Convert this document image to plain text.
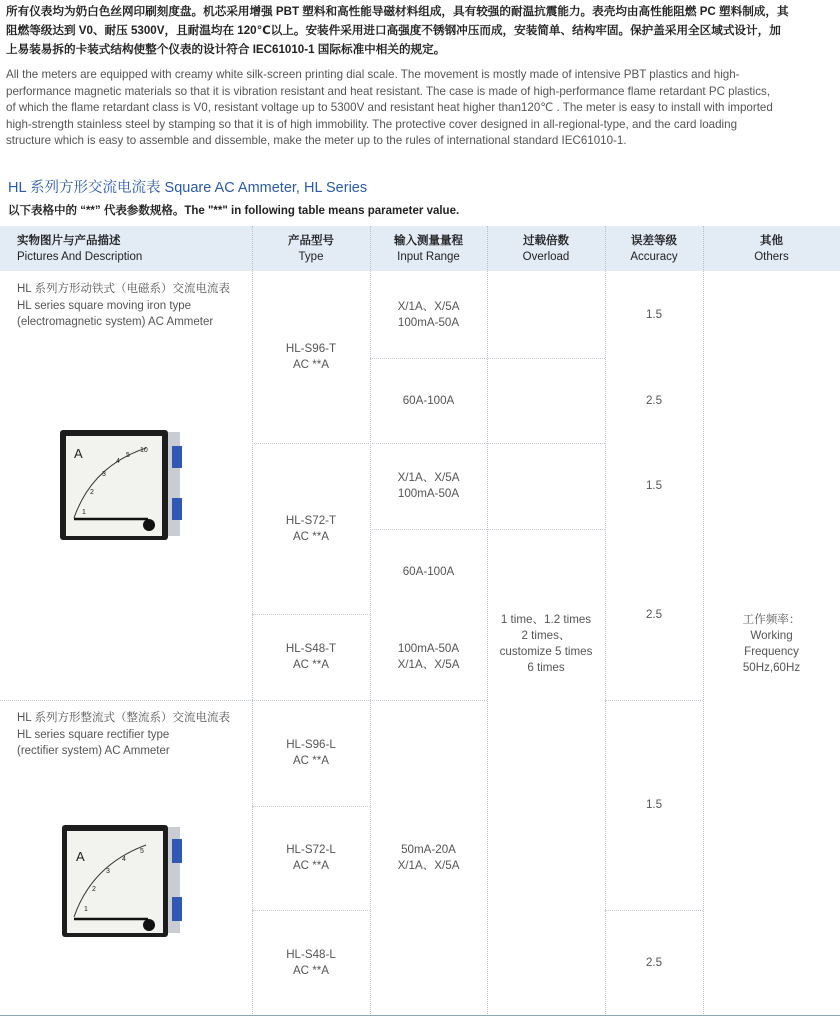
所有仪表均为奶白色丝网印刷刻度盘。机芯采用增强 PBT 塑料和高性能导磁材料组成，具有较强的耐温抗震能力。表壳均由高性能阻燃 PC 塑料制成，其
阻燃等级达到 V0、耐压 5300V，且耐温均在 120℃以上。安装件采用进口高强度不锈钢冲压而成，安装简单、结构牢固。保护盖采用全区域式设计，加
上易装易拆的卡装式结构使整个仪表的设计符合 IEC61010-1 国际标准中相关的规定。
All the meters are equipped with creamy white silk-screen printing dial scale. The movement is mostly made of intensive PBT plastics and high-
performance magnetic materials so that it is vibration resistant and heat resistant. The case is made of high-performance flame retardant PC plastics,
of which the flame retardant class is V0, resistant voltage up to 5300V and resistant heat higher than120℃ . The meter is easy to install with imported
high-strength stainless steel by stamping so that it is of high immobility. The protective cover designed in all-regional-type, and the card loading
structure which is easy to assemble and dissemble, make the meter up to the rules of international standard IEC61010-1.
HL 系列方形交流电流表 Square AC Ammeter, HL Series
以下表格中的 “**” 代表参数规格。The "**" in following table means parameter value.
实物图片与产品描述
Pictures And Description
产品型号
Type
输入测量量程
Input Range
过载倍数
Overload
误差等级
Accuracy
其他
Others
HL 系列方形动铁式（电磁系）交流电流表
HL series square moving iron type
(electromagnetic system) AC Ammeter
A
1
2
3
4
5
10
HL 系列方形整流式（整流系）交流电流表
HL series square rectifier type
(rectifier system) AC Ammeter
A
1
2
3
4
5
HL-S96-T
AC **A
HL-S72-T
AC **A
HL-S48-T
AC **A
HL-S96-L
AC **A
HL-S72-L
AC **A
HL-S48-L
AC **A
X/1A、X/5A
100mA-50A
60A-100A
X/1A、X/5A
100mA-50A
60A-100A
100mA-50A
X/1A、X/5A
50mA-20A
X/1A、X/5A
1 time、1.2 times
2 times、
customize 5 times
6 times
1.5
2.5
1.5
2.5
1.5
2.5
工作频率：
Working
Frequency
50Hz,60Hz
